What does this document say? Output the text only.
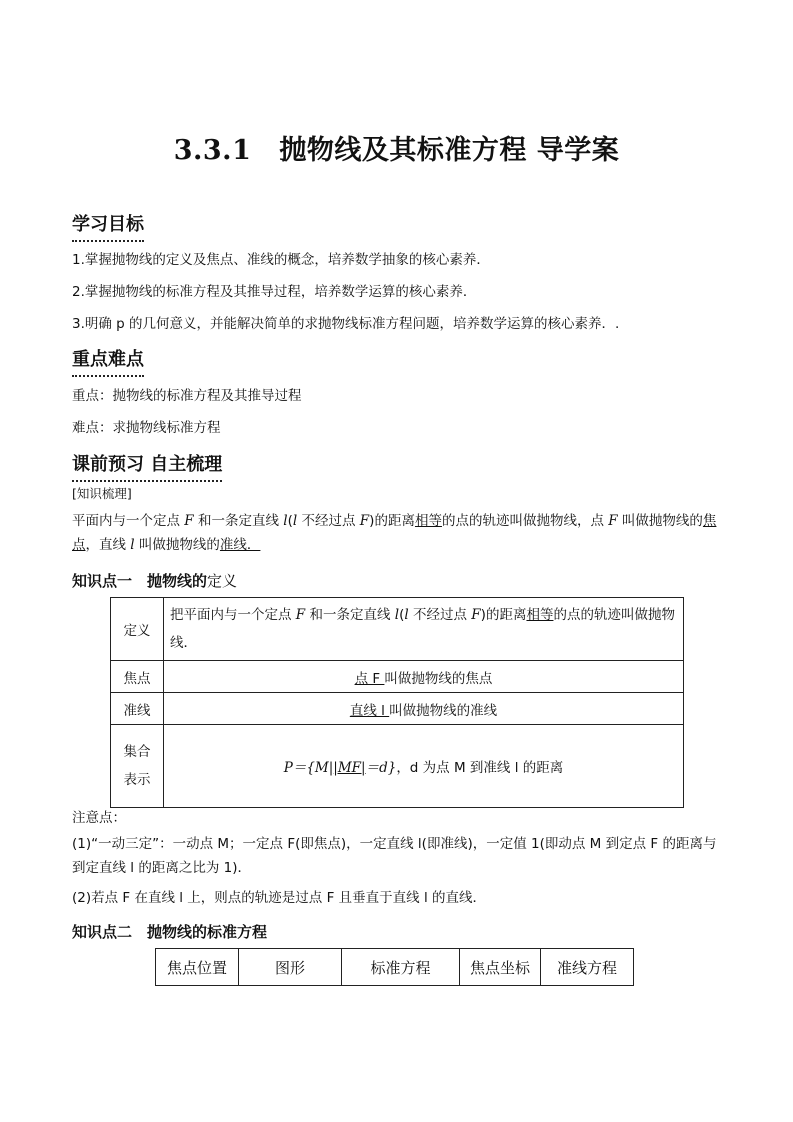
3.3.1 抛物线及其标准方程 导学案
学习目标
1.掌握抛物线的定义及焦点、准线的概念，培养数学抽象的核心素养．
2.掌握抛物线的标准方程及其推导过程，培养数学运算的核心素养．
3.明确 p 的几何意义，并能解决简单的求抛物线标准方程问题，培养数学运算的核心素养．.
重点难点
重点：抛物线的标准方程及其推导过程
难点：求抛物线标准方程
课前预习 自主梳理
[知识梳理]
平面内与一个定点 F 和一条定直线 l(l 不经过点 F)的距离相等的点的轨迹叫做抛物线，点 F 叫做抛物线的焦点，直线 l 叫做抛物线的准线．
知识点一　抛物线的定义
定义	把平面内与一个定点 F 和一条定直线 l(l 不经过点 F)的距离相等的点的轨迹叫做抛物线．
焦点	点 F 叫做抛物线的焦点
准线	直线 l 叫做抛物线的准线
集合
表示	P＝{M||MF|＝d}，d 为点 M 到准线 l 的距离
注意点：
(1)“一动三定”：一动点 M；一定点 F(即焦点)，一定直线 l(即准线)，一定值 1(即动点 M 到定点 F 的距离与到定直线 l 的距离之比为 1)．
(2)若点 F 在直线 l 上，则点的轨迹是过点 F 且垂直于直线 l 的直线．
知识点二　抛物线的标准方程
焦点位置	图形	标准方程	焦点坐标	准线方程
